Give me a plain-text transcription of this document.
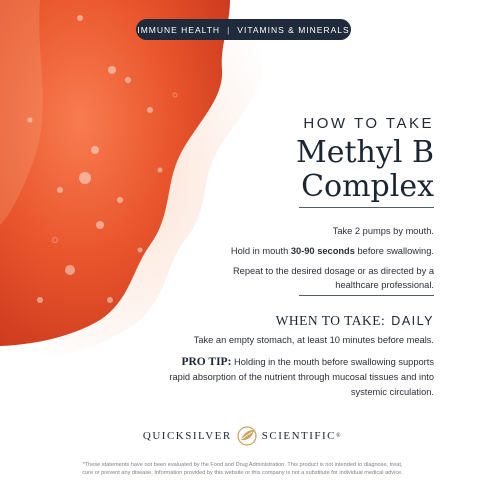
IMMUNE HEALTH | VITAMINS & MINERALS
HOW TO TAKE
Methyl B
Complex

Take 2 pumps by mouth.

Hold in mouth 30-90 seconds before swallowing.

Repeat to the desired dosage or as directed by a
healthcare professional.

WHEN TO TAKE: DAILY
Take an empty stomach, at least 10 minutes before meals.
PRO TIP: Holding in the mouth before swallowing supports
rapid absorption of the nutrient through mucosal tissues and into
systemic circulation.
QUICKSILVER	SCIENTIFIC ®
*These statements have not been evaluated by the Food and Drug Administration. This product is not intended to diagnose, treat,
cure or prevent any disease. Information provided by this website or this company is not a substitute for individual medical advice.
